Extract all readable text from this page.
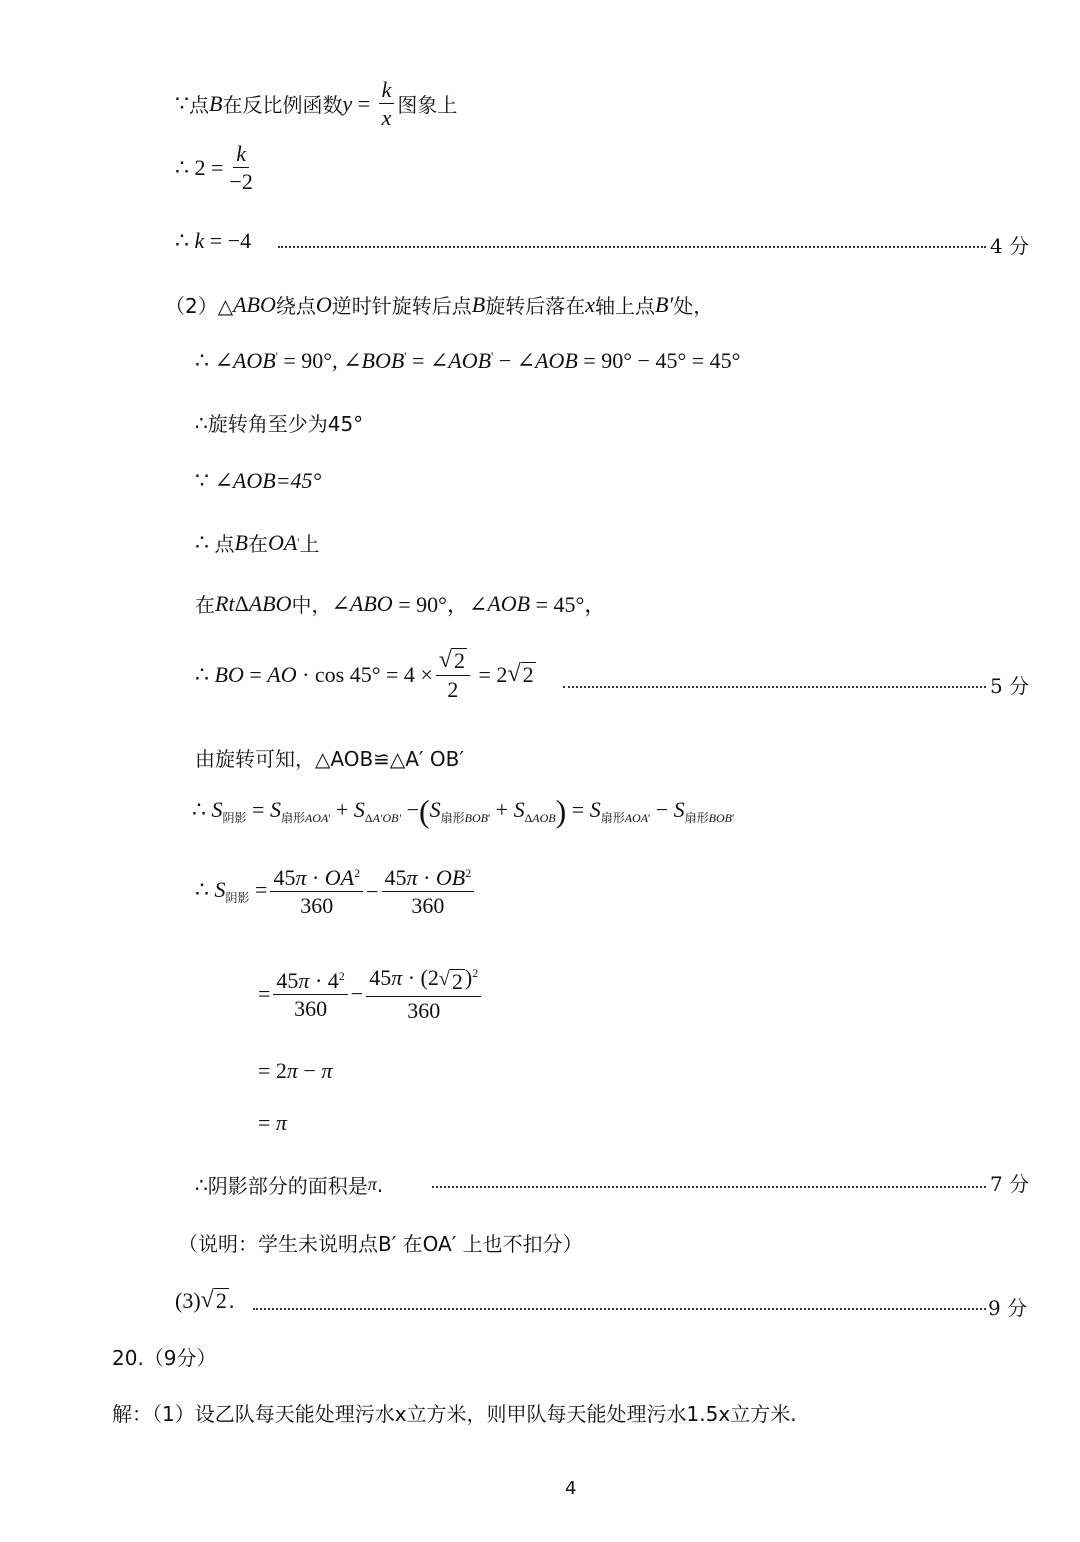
∵ 点 B 在反比例函数 $y = \frac{k}{x}$ 图象上
∴ $2 = \frac{k}{-2}$
∴ k = −4	4 分
（2）△ ABO 绕点 O 逆时针旋转后点 B 旋转后落在 x 轴上点 B′ 处，
∴ ∠AOB' = 90°, ∠BOB' = ∠AOB' − ∠AOB = 90° − 45° = 45°
∴ 旋转角至少为45°
∵ ∠AOB=45°
∴ 点 B 在 OA ' 上
在 Rt Δ ABO 中， ∠ ABO = 90°，∠ AOB = 45°，
∴ BO = AO · $\cos 45^\circ = 4 \times \frac{√ 2}{2} = 2$ √ 2	5 分
由旋转可知，△AOB≌△A′ OB′
∴ $S_{阴影} = S_{扇形AOA'} + S_{\Delta A'OB'}$ − ( $S_{扇形BOB'} + S_{\Delta AOB}$ ) = $S_{扇形AOA'} - S_{扇形BOB'}$
∴ $S_{阴影} = \frac{45\pi \cdot OA^2}{360} - \frac{45\pi \cdot OB^2}{360}$
= $\frac{45\pi \cdot 4^2}{360} - \frac{45\pi \cdot (2 √ 2 )^2}{360}$
= 2π − π
= π
∴ 阴影部分的面积是 π .	7 分
（说明：学生未说明点B′ 在OA′ 上也不扣分）
(3) √ 2 .	9 分
20.（9分）
解：（1）设乙队每天能处理污水x立方米，则甲队每天能处理污水1.5x立方米.
4
